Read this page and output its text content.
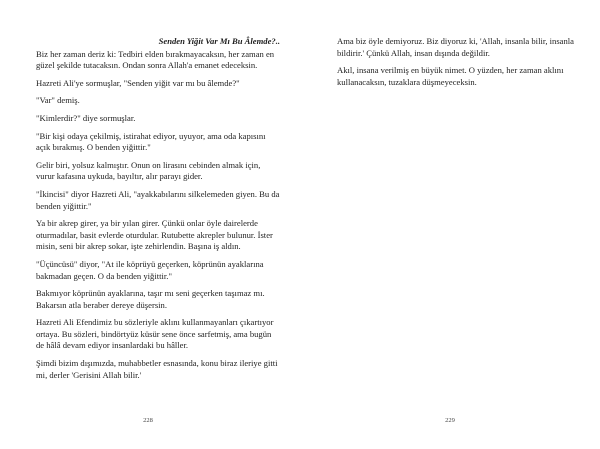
Senden Yiğit Var Mı Bu Âlemde?..

Biz her zaman deriz ki: Tedbiri elden bırakmayacaksın, her zaman en güzel şekilde tutacaksın. Ondan sonra Allah'a emanet edeceksin.

Hazreti Ali'ye sormuşlar, "Senden yiğit var mı bu âlemde?"

"Var" demiş.

"Kimlerdir?" diye sormuşlar.

"Bir kişi odaya çekilmiş, istirahat ediyor, uyuyor, ama oda kapısını açık bırakmış. O benden yiğittir."

Gelir biri, yolsuz kalmıştır. Onun on lirasını cebinden almak için, vurur kafasına uykuda, bayıltır, alır parayı gider.

"İkincisi" diyor Hazreti Ali, "ayakkabılarını silkelemeden giyen. Bu da benden yiğittir."

Ya bir akrep girer, ya bir yılan girer. Çünkü onlar öyle dairelerde oturmadılar, basit evlerde oturdular. Rutubette akrepler bulunur. İster misin, seni bir akrep sokar, işte zehirlendin. Başına iş aldın.

"Üçüncüsü" diyor, "At ile köprüyü geçerken, köprünün ayaklarına bakmadan geçen. O da benden yiğittir."

Bakmıyor köprünün ayaklarına, taşır mı seni geçerken taşımaz mı. Bakarsın atla beraber dereye düşersin.

Hazreti Ali Efendimiz bu sözleriyle aklını kullanmayanları çıkartıyor ortaya. Bu sözleri, bindörtyüz küsür sene önce sarfetmiş, ama bugün de hâlâ devam ediyor insanlardaki bu hâller.

Şimdi bizim dışımızda, muhabbetler esnasında, konu biraz ileriye gitti mi, derler 'Gerisini Allah bilir.'

228

Ama biz öyle demiyoruz. Biz diyoruz ki, 'Allah, insanla bilir, insanla bildirir.' Çünkü Allah, insan dışında değildir.

Akıl, insana verilmiş en büyük nimet. O yüzden, her zaman aklını kullanacaksın, tuzaklara düşmeyeceksin.

229
